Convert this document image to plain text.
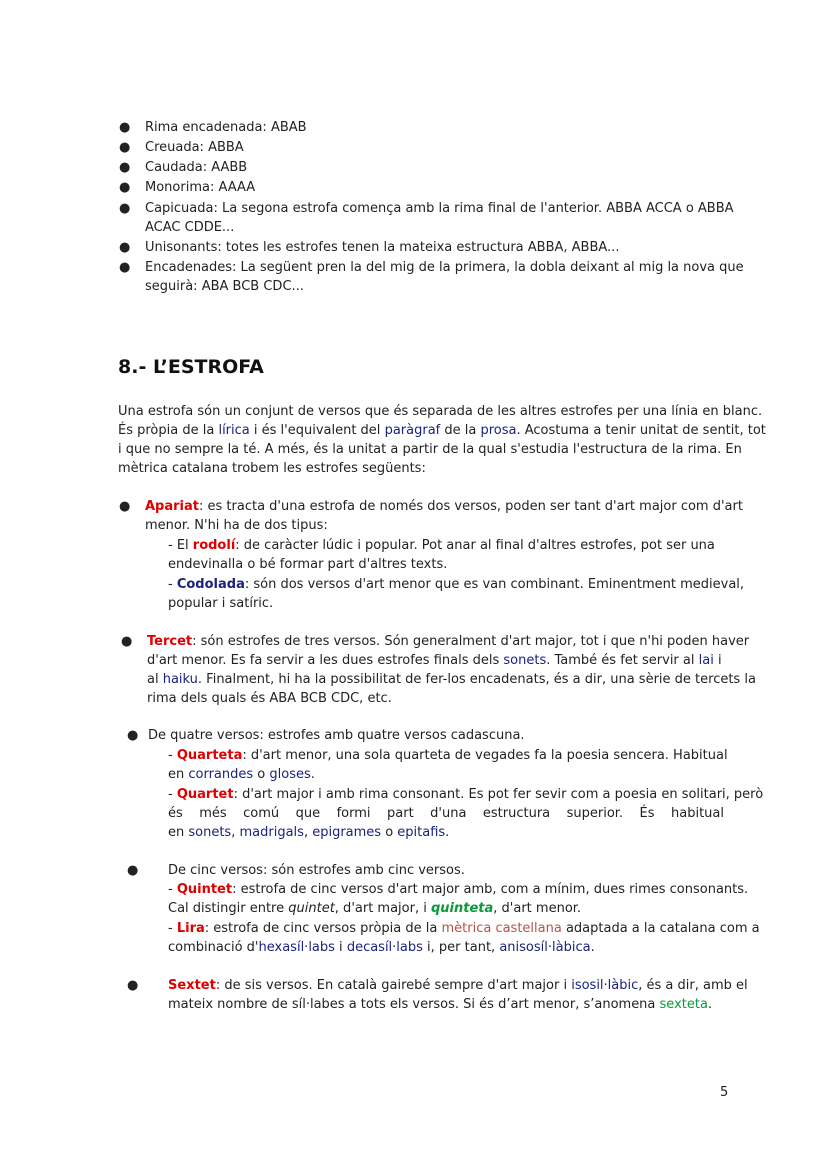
● Rima encadenada: ABAB
● Creuada: ABBA
● Caudada: AABB
● Monorima: AAAA
● Capicuada: La segona estrofa comença amb la rima final de l'anterior. ABBA ACCA o ABBA
ACAC CDDE...
● Unisonants: totes les estrofes tenen la mateixa estructura ABBA, ABBA...
● Encadenades: La següent pren la del mig de la primera, la dobla deixant al mig la nova que
seguirà: ABA BCB CDC...
8.- L’ESTROFA
Una estrofa són un conjunt de versos que és separada de les altres estrofes per una línia en blanc.
És pròpia de la lírica i és l'equivalent del paràgraf de la prosa. Acostuma a tenir unitat de sentit, tot
i que no sempre la té. A més, és la unitat a partir de la qual s'estudia l'estructura de la rima. En
mètrica catalana trobem les estrofes següents:
● Apariat: es tracta d'una estrofa de només dos versos, poden ser tant d'art major com d'art
menor. N'hi ha de dos tipus:
- El rodolí: de caràcter lúdic i popular. Pot anar al final d'altres estrofes, pot ser una
endevinalla o bé formar part d'altres texts.
- Codolada: són dos versos d'art menor que es van combinant. Eminentment medieval,
popular i satíric.
● Tercet: són estrofes de tres versos. Són generalment d'art major, tot i que n'hi poden haver
d'art menor. Es fa servir a les dues estrofes finals dels sonets. També és fet servir al lai i
al haiku. Finalment, hi ha la possibilitat de fer-los encadenats, és a dir, una sèrie de tercets la
rima dels quals és ABA BCB CDC, etc.
● De quatre versos: estrofes amb quatre versos cadascuna.
- Quarteta: d'art menor, una sola quarteta de vegades fa la poesia sencera. Habitual
en corrandes o gloses.
- Quartet: d'art major i amb rima consonant. Es pot fer sevir com a poesia en solitari, però
és més comú que formi part d'una estructura superior. És habitual
en sonets, madrigals, epigrames o epitafis.
● De cinc versos: són estrofes amb cinc versos.
- Quintet: estrofa de cinc versos d'art major amb, com a mínim, dues rimes consonants.
Cal distingir entre quintet, d'art major, i quinteta, d'art menor.
- Lira: estrofa de cinc versos pròpia de la mètrica castellana adaptada a la catalana com a
combinació d'hexasíl·labs i decasíl·labs i, per tant, anisosíl·làbica.
● Sextet: de sis versos. En català gairebé sempre d'art major i isosil·làbic, és a dir, amb el
mateix nombre de síl·labes a tots els versos. Si és d’art menor, s’anomena sexteta.
5
